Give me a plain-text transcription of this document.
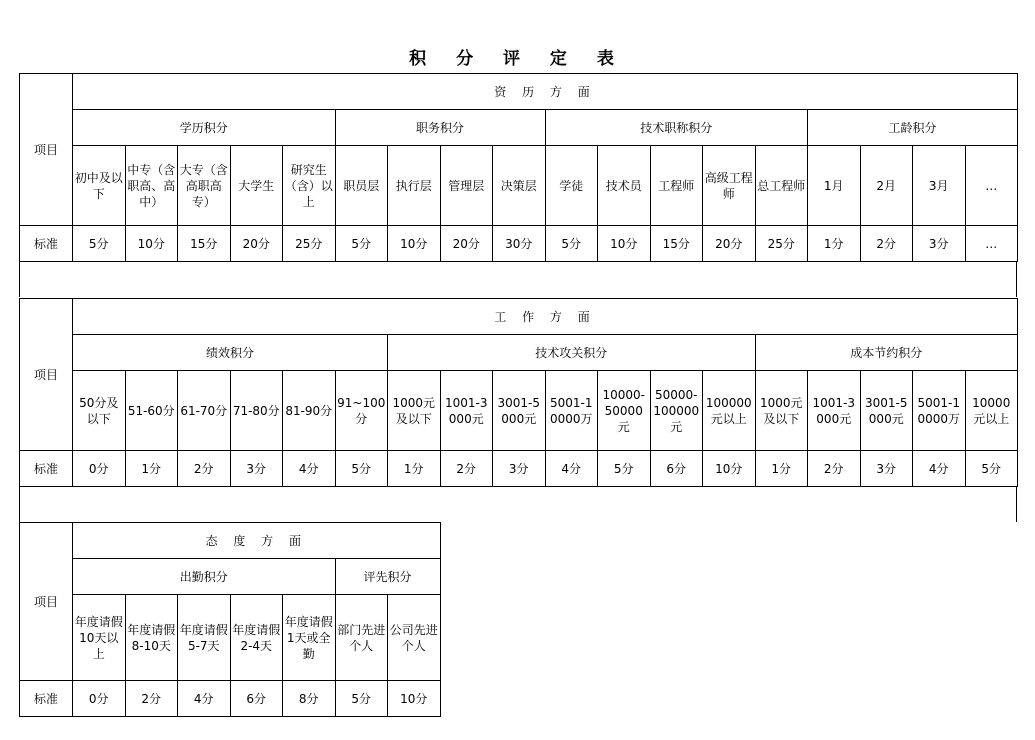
积 分 评 定 表
项目	资 历 方 面																	
	学历积分					职务积分				技术职称积分					工龄积分			
	初中及以下	中专（含职高、高中）	大专（含高职高专）	大学生	研究生（含）以上	职员层	执行层	管理层	决策层	学徒	技术员	工程师	高级工程师	总工程师	1月	2月	3月	…
标准	5分	10分	15分	20分	25分	5分	10分	20分	30分	5分	10分	15分	20分	25分	1分	2分	3分	…
项目	工 作 方 面																	
	绩效积分						技术攻关积分							成本节约积分				
	50分及以下	51-60分	61-70分	71-80分	81-90分	91~100分	1000元及以下	1001-3000元	3001-5000元	5001-10000万	10000-50000元	50000-100000元	100000元以上	1000元及以下	1001-3000元	3001-5000元	5001-10000万	10000元以上
标准	0分	1分	2分	3分	4分	5分	1分	2分	3分	4分	5分	6分	10分	1分	2分	3分	4分	5分
项目	态 度 方 面						
	出勤积分					评先积分	
	年度请假10天以上	年度请假8-10天	年度请假5-7天	年度请假2-4天	年度请假1天或全勤	部门先进个人	公司先进个人
标准	0分	2分	4分	6分	8分	5分	10分
